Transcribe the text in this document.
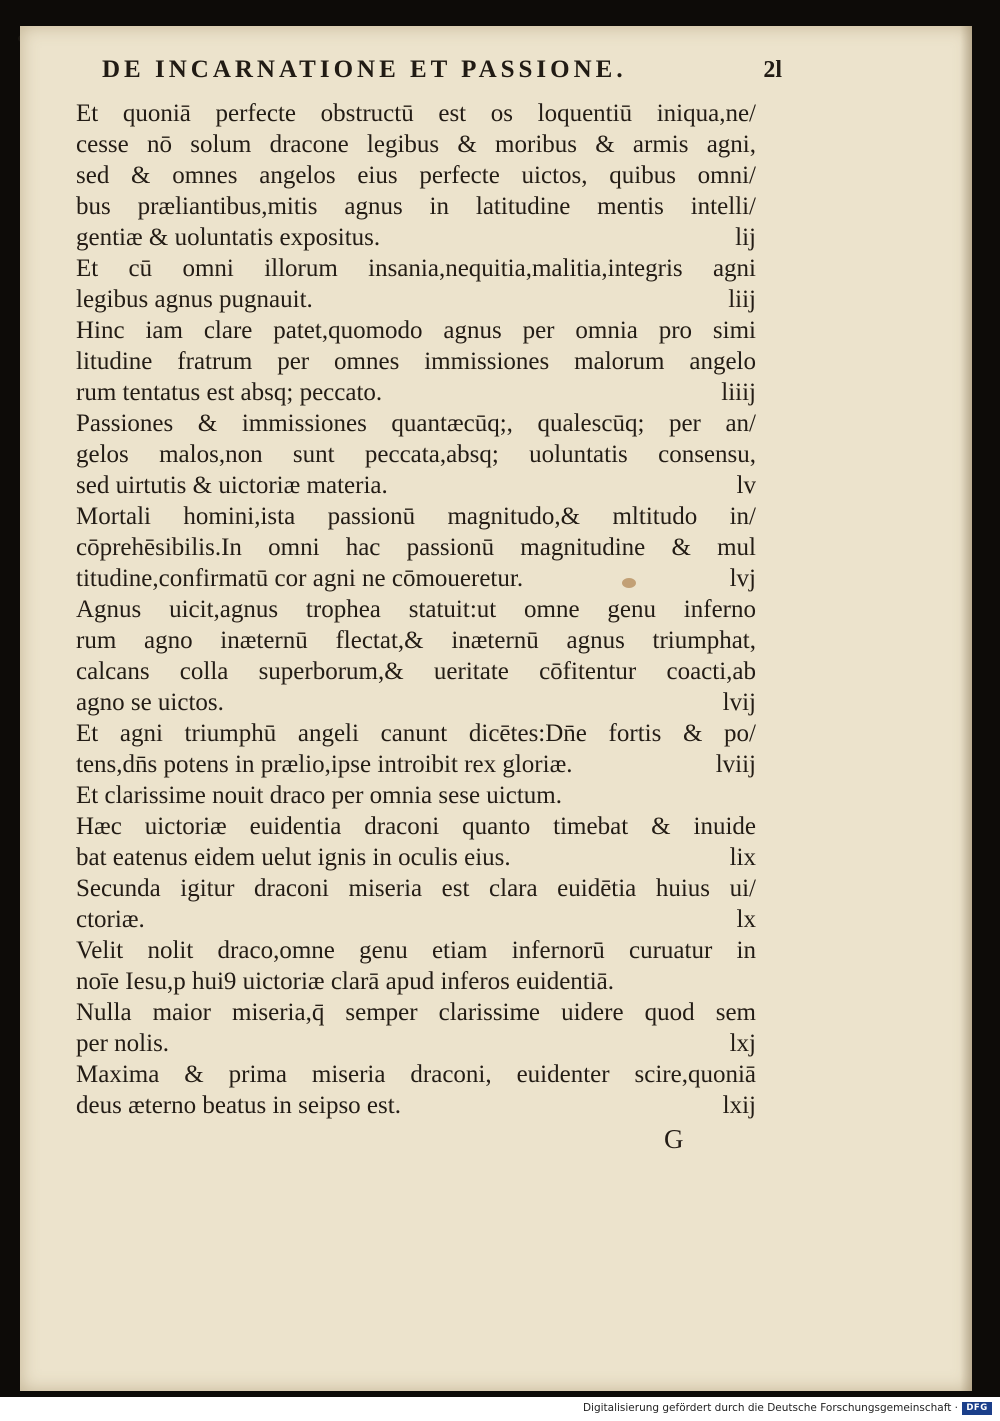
DE INCARNATIONE ET PASSIONE.	2l
Et quoniā perfecte obstructū est os loquentiū iniqua,ne/
cesse nō solum dracone legibus & moribus & armis agni,
sed & omnes angelos eius perfecte uictos, quibus omni/
bus præliantibus,mitis agnus in latitudine mentis intelli/
gentiæ & uoluntatis expositus.	lij
Et cū omni illorum insania,nequitia,malitia,integris agni
legibus agnus pugnauit.	liij
Hinc iam clare patet,quomodo agnus per omnia pro simi
litudine fratrum per omnes immissiones malorum angelo
rum tentatus est absq; peccato.	liiij
Passiones & immissiones quantæcūq;, qualescūq; per an/
gelos malos,non sunt peccata,absq; uoluntatis consensu,
sed uirtutis & uictoriæ materia.	lv
Mortali homini,ista passionū magnitudo,& mltitudo in/
cōprehēsibilis.In omni hac passionū magnitudine & mul
titudine,confirmatū cor agni ne cōmoueretur.	lvj
Agnus uicit,agnus trophea statuit:ut omne genu inferno
rum agno inæternū flectat,& inæternū agnus triumphat,
calcans colla superborum,& ueritate cōfitentur coacti,ab
agno se uictos.	lvij
Et agni triumphū angeli canunt dicētes:Dn̄e fortis & po/
tens,dn̄s potens in prælio,ipse introibit rex gloriæ.	lviij
Et clarissime nouit draco per omnia sese uictum.
Hæc uictoriæ euidentia draconi quanto timebat & inuide
bat eatenus eidem uelut ignis in oculis eius.	lix
Secunda igitur draconi miseria est clara euidētia huius ui/
ctoriæ.	lx
Velit nolit draco,omne genu etiam infernorū curuatur in
noīe Iesu,p hui9 uictoriæ clarā apud inferos euidentiā.
Nulla maior miseria,q̄ semper clarissime uidere quod sem
per nolis.	lxj
Maxima & prima miseria draconi, euidenter scire,quoniā
deus æterno beatus in seipso est.	lxij
G
Digitalisierung gefördert durch die Deutsche Forschungsgemeinschaft · DFG
